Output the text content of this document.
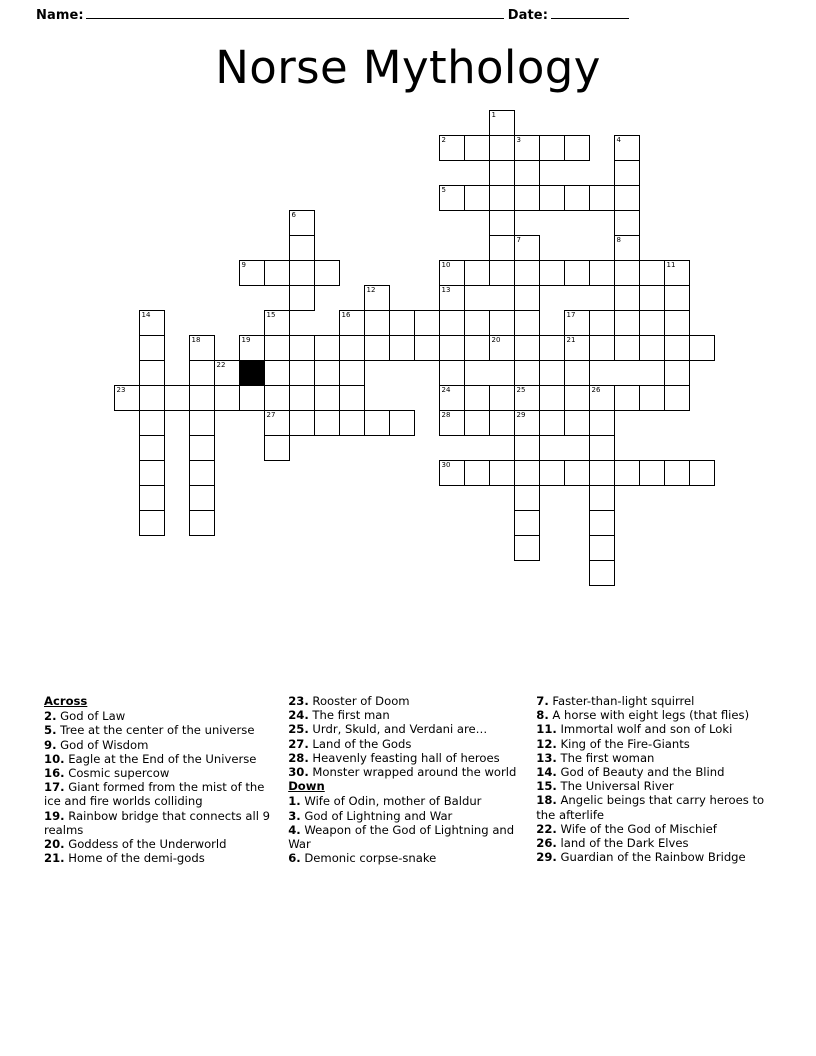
Name:	Date:
Norse Mythology
1
2	3	4
5
6
7	8
9	10	11
12	13
14	15	16	17
18	19	20	21
22
23	24	25	26
27	28	29
30
Across
2. God of Law
5. Tree at the center of the universe
9. God of Wisdom
10. Eagle at the End of the Universe
16. Cosmic supercow
17. Giant formed from the mist of the ice and fire worlds colliding
19. Rainbow bridge that connects all 9 realms
20. Goddess of the Underworld
21. Home of the demi-gods
23. Rooster of Doom
24. The first man
25. Urdr, Skuld, and Verdani are…
27. Land of the Gods
28. Heavenly feasting hall of heroes
30. Monster wrapped around the world
Down
1. Wife of Odin, mother of Baldur
3. God of Lightning and War
4. Weapon of the God of Lightning and War
6. Demonic corpse-snake
7. Faster-than-light squirrel
8. A horse with eight legs (that flies)
11. Immortal wolf and son of Loki
12. King of the Fire-Giants
13. The first woman
14. God of Beauty and the Blind
15. The Universal River
18. Angelic beings that carry heroes to the afterlife
22. Wife of the God of Mischief
26. land of the Dark Elves
29. Guardian of the Rainbow Bridge
